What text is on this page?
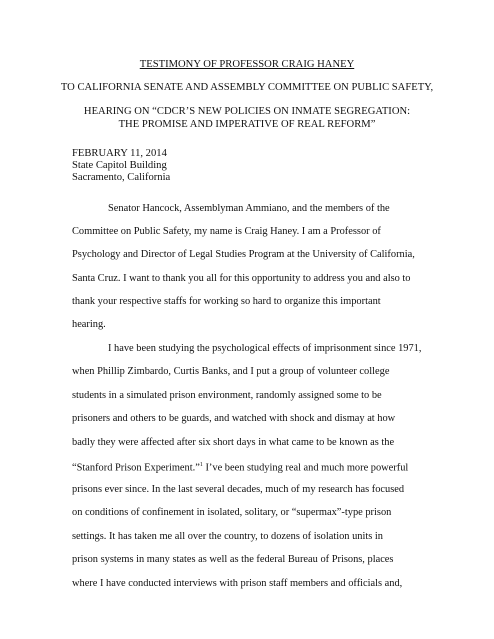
TESTIMONY OF PROFESSOR CRAIG HANEY
TO CALIFORNIA SENATE AND ASSEMBLY COMMITTEE ON PUBLIC SAFETY,
HEARING ON “CDCR’S NEW POLICIES ON INMATE SEGREGATION:
THE PROMISE AND IMPERATIVE OF REAL REFORM”
FEBRUARY 11, 2014
State Capitol Building
Sacramento, California
Senator Hancock, Assemblyman Ammiano, and the members of the
Committee on Public Safety, my name is Craig Haney. I am a Professor of
Psychology and Director of Legal Studies Program at the University of California,
Santa Cruz. I want to thank you all for this opportunity to address you and also to
thank your respective staffs for working so hard to organize this important
hearing.
I have been studying the psychological effects of imprisonment since 1971,
when Phillip Zimbardo, Curtis Banks, and I put a group of volunteer college
students in a simulated prison environment, randomly assigned some to be
prisoners and others to be guards, and watched with shock and dismay at how
badly they were affected after six short days in what came to be known as the
“Stanford Prison Experiment.”$^1$ I’ve been studying real and much more powerful
prisons ever since. In the last several decades, much of my research has focused
on conditions of confinement in isolated, solitary, or “supermax”-type prison
settings. It has taken me all over the country, to dozens of isolation units in
prison systems in many states as well as the federal Bureau of Prisons, places
where I have conducted interviews with prison staff members and officials and,
